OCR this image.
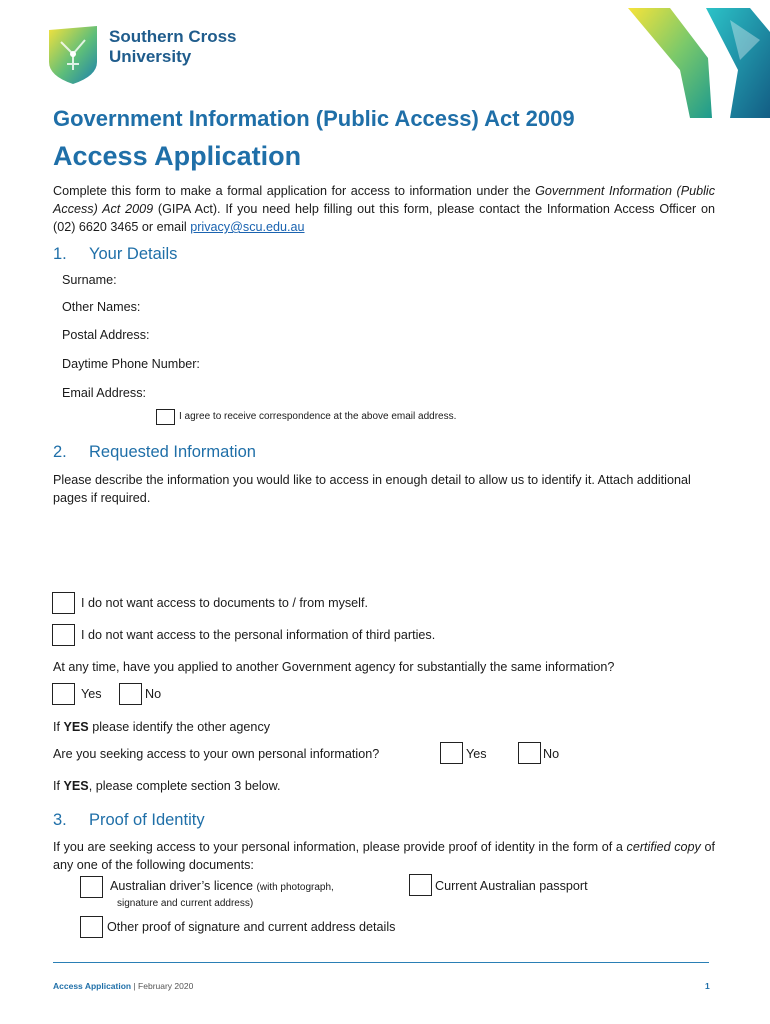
Southern Cross
University
Government Information (Public Access) Act 2009
Access Application
Complete this form to make a formal application for access to information under the Government Information (Public Access) Act 2009 (GIPA Act). If you need help filling out this form, please contact the Information Access Officer on (02) 6620 3465 or email privacy@scu.edu.au
1. Your Details
Surname:
Other Names:
Postal Address:
Daytime Phone Number:
Email Address:
I agree to receive correspondence at the above email address.
2. Requested Information
Please describe the information you would like to access in enough detail to allow us to identify it. Attach additional pages if required.
I do not want access to documents to / from myself.
I do not want access to the personal information of third parties.
At any time, have you applied to another Government agency for substantially the same information?
Yes	No
If YES please identify the other agency
Are you seeking access to your own personal information?	Yes	No
If YES, please complete section 3 below.
3. Proof of Identity
If you are seeking access to your personal information, please provide proof of identity in the form of a certified copy of any one of the following documents:
Australian driver’s licence (with photograph,
signature and current address)
Current Australian passport
Other proof of signature and current address details
Access Application | February 2020	1
